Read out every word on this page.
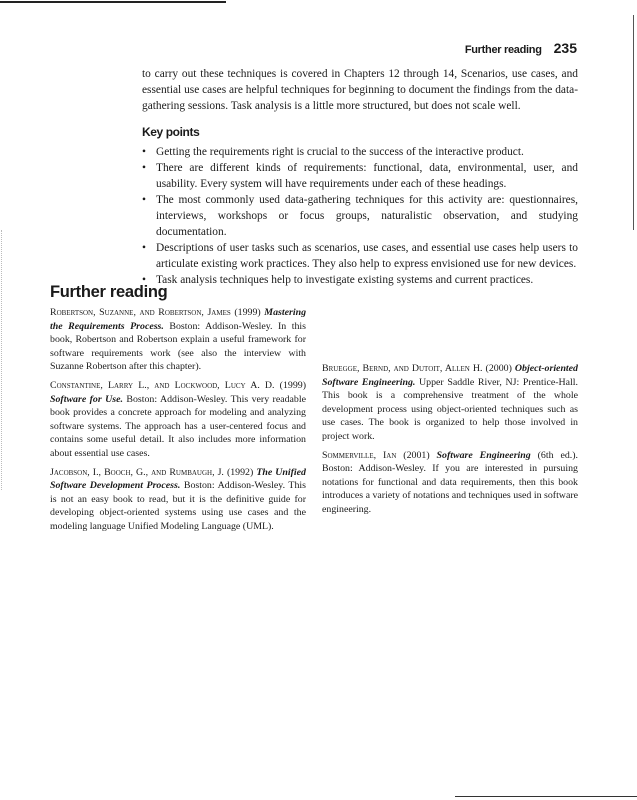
Further reading 235

to carry out these techniques is covered in Chapters 12 through 14, Scenarios, use cases, and essential use cases are helpful techniques for beginning to document the findings from the data-gathering sessions. Task analysis is a little more structured, but does not scale well.

Key points
• Getting the requirements right is crucial to the success of the interactive product.
• There are different kinds of requirements: functional, data, environmental, user, and usability. Every system will have requirements under each of these headings.
• The most commonly used data-gathering techniques for this activity are: questionnaires, interviews, workshops or focus groups, naturalistic observation, and studying documentation.
• Descriptions of user tasks such as scenarios, use cases, and essential use cases help users to articulate existing work practices. They also help to express envisioned use for new devices.
• Task analysis techniques help to investigate existing systems and current practices.
Further reading

Robertson, Suzanne, and Robertson, James (1999) Mastering the Requirements Process. Boston: Addison-Wesley. In this book, Robertson and Robertson explain a useful framework for software requirements work (see also the interview with Suzanne Robertson after this chapter).

Constantine, Larry L., and Lockwood, Lucy A. D. (1999) Software for Use. Boston: Addison-Wesley. This very readable book provides a concrete approach for modeling and analyzing software systems. The approach has a user-centered focus and contains some useful detail. It also includes more information about essential use cases.

Jacobson, I., Booch, G., and Rumbaugh, J. (1992) The Unified Software Development Process. Boston: Addison-Wesley. This is not an easy book to read, but it is the definitive guide for developing object-oriented systems using use cases and the modeling language Unified Modeling Language (UML).

Bruegge, Bernd, and Dutoit, Allen H. (2000) Object-oriented Software Engineering. Upper Saddle River, NJ: Prentice-Hall. This book is a comprehensive treatment of the whole development process using object-oriented techniques such as use cases. The book is organized to help those involved in project work.

Sommerville, Ian (2001) Software Engineering (6th ed.). Boston: Addison-Wesley. If you are interested in pursuing notations for functional and data requirements, then this book introduces a variety of notations and techniques used in software engineering.
